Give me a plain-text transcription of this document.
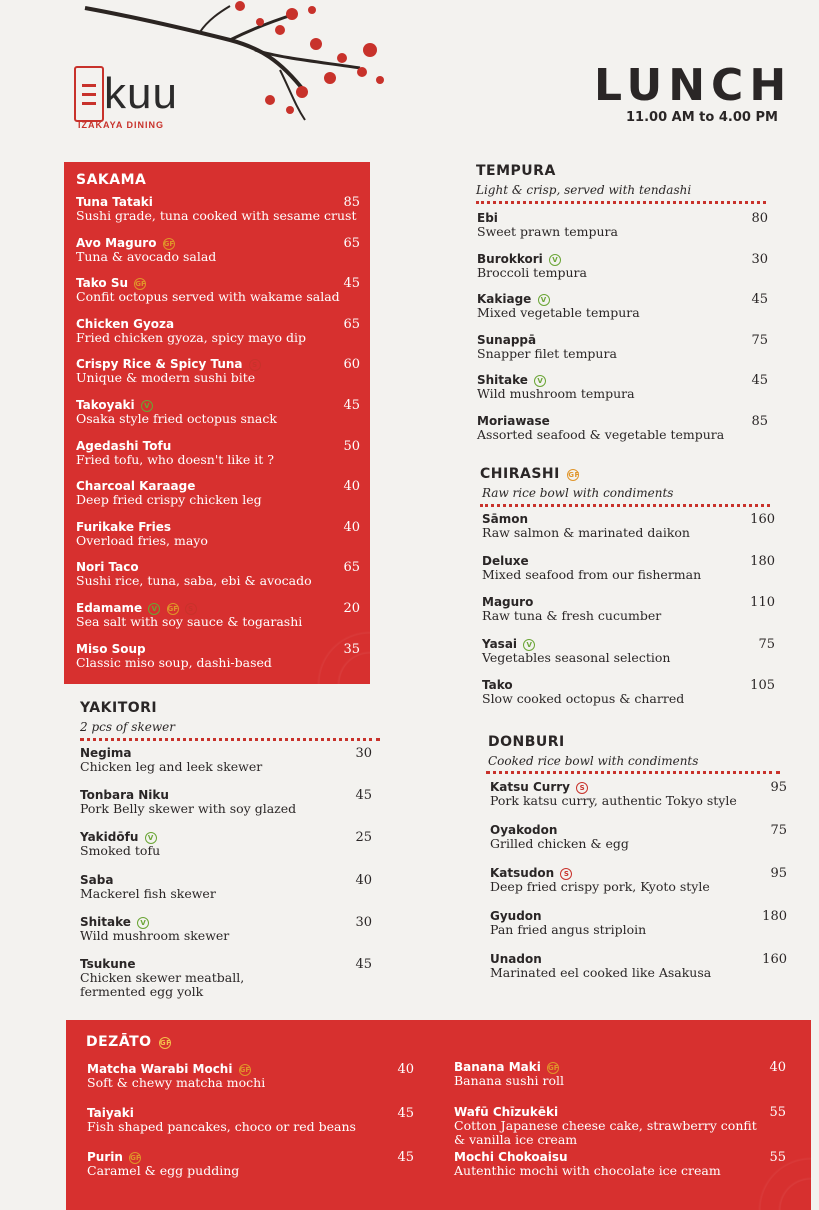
kuu
IZAKAYA DINING
LUNCH
11.00 AM to 4.00 PM
SAKAMA
Tuna Tataki
Sushi grade, tuna cooked with sesame crust
85
Avo Maguro GF
Tuna & avocado salad
65
Tako Su GF
Confit octopus served with wakame salad
45
Chicken Gyoza
Fried chicken gyoza, spicy mayo dip
65
Crispy Rice & Spicy Tuna S
Unique & modern sushi bite
60
Takoyaki V
Osaka style fried octopus snack
45
Agedashi Tofu
Fried tofu, who doesn't like it ?
50
Charcoal Karaage
Deep fried crispy chicken leg
40
Furikake Fries
Overload fries, mayo
40
Nori Taco
Sushi rice, tuna, saba, ebi & avocado
65
Edamame V GF S
Sea salt with soy sauce & togarashi
20
Miso Soup
Classic miso soup, dashi-based
35
YAKITORI
2 pcs of skewer
Negima
Chicken leg and leek skewer
30
Tonbara Niku
Pork Belly skewer with soy glazed
45
Yakidōfu V
Smoked tofu
25
Saba
Mackerel fish skewer
40
Shitake V
Wild mushroom skewer
30
Tsukune
Chicken skewer meatball,
fermented egg yolk
45
TEMPURA
Light & crisp, served with tendashi
Ebi
Sweet prawn tempura
80
Burokkori V
Broccoli tempura
30
Kakiage V
Mixed vegetable tempura
45
Sunappā
Snapper filet tempura
75
Shitake V
Wild mushroom tempura
45
Moriawase
Assorted seafood & vegetable tempura
85
CHIRASHI GF
Raw rice bowl with condiments
Sāmon
Raw salmon & marinated daikon
160
Deluxe
Mixed seafood from our fisherman
180
Maguro
Raw tuna & fresh cucumber
110
Yasai V
Vegetables seasonal selection
75
Tako
Slow cooked octopus & charred
105
DONBURI
Cooked rice bowl with condiments
Katsu Curry S
Pork katsu curry, authentic Tokyo style
95
Oyakodon
Grilled chicken & egg
75
Katsudon S
Deep fried crispy pork, Kyoto style
95
Gyudon
Pan fried angus striploin
180
Unadon
Marinated eel cooked like Asakusa
160
DEZĀTO GF
Matcha Warabi Mochi GF
Soft & chewy matcha mochi
40
Taiyaki
Fish shaped pancakes, choco or red beans
45
Purin GF
Caramel & egg pudding
45
Banana Maki GF
Banana sushi roll
40
Wafū Chīzukēki
Cotton Japanese cheese cake, strawberry confit
& vanilla ice cream
55
Mochi Chokoaisu
Autenthic mochi with chocolate ice cream
55
